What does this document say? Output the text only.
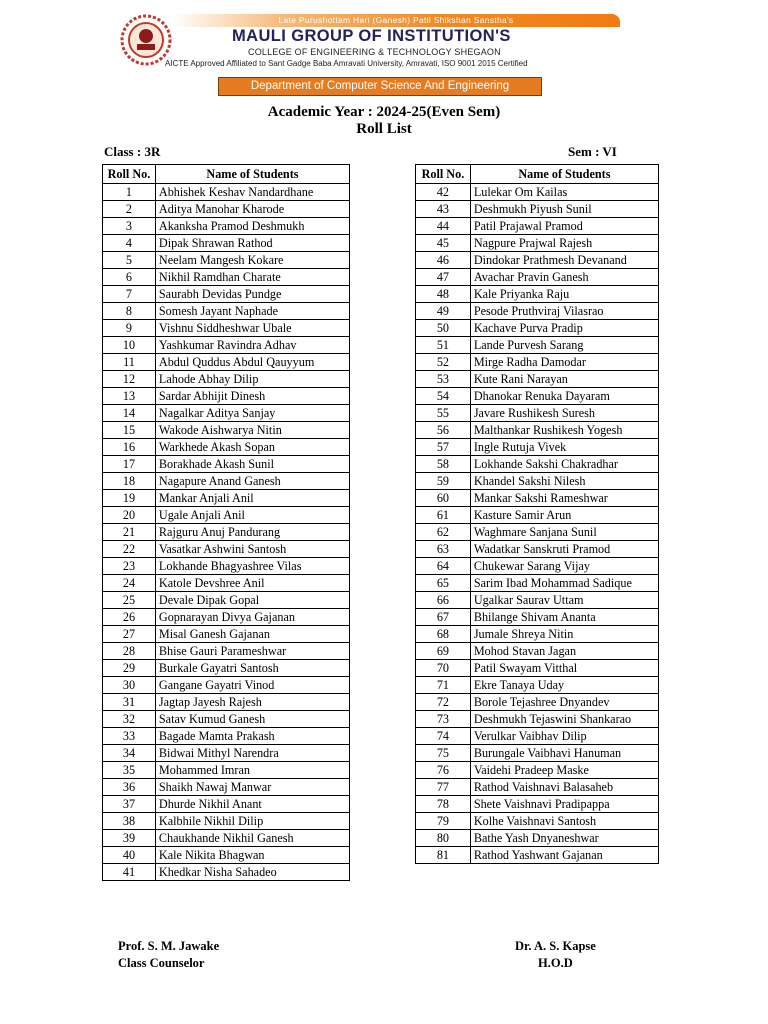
Late Purushottam Hari (Ganesh) Patil Shikshan Sanstha's
MAULI GROUP OF INSTITUTION'S
COLLEGE OF ENGINEERING & TECHNOLOGY SHEGAON
AICTE Approved Affiliated to Sant Gadge Baba Amravati University, Amravati, ISO 9001 2015 Certified
Department of Computer Science And Engineering
Academic Year : 2024-25(Even Sem)
Roll List
Class : 3R	Sem : VI
Roll No.	Name of Students
1	Abhishek Keshav Nandardhane
2	Aditya Manohar Kharode
3	Akanksha Pramod Deshmukh
4	Dipak Shrawan Rathod
5	Neelam Mangesh Kokare
6	Nikhil Ramdhan Charate
7	Saurabh Devidas Pundge
8	Somesh Jayant Naphade
9	Vishnu Siddheshwar Ubale
10	Yashkumar Ravindra Adhav
11	Abdul Quddus Abdul Qauyyum
12	Lahode Abhay Dilip
13	Sardar Abhijit Dinesh
14	Nagalkar Aditya Sanjay
15	Wakode Aishwarya Nitin
16	Warkhede Akash Sopan
17	Borakhade Akash Sunil
18	Nagapure Anand Ganesh
19	Mankar Anjali Anil
20	Ugale Anjali Anil
21	Rajguru Anuj Pandurang
22	Vasatkar Ashwini Santosh
23	Lokhande Bhagyashree Vilas
24	Katole Devshree Anil
25	Devale Dipak Gopal
26	Gopnarayan Divya Gajanan
27	Misal Ganesh Gajanan
28	Bhise Gauri Parameshwar
29	Burkale Gayatri Santosh
30	Gangane Gayatri Vinod
31	Jagtap Jayesh Rajesh
32	Satav Kumud Ganesh
33	Bagade Mamta Prakash
34	Bidwai Mithyl Narendra
35	Mohammed Imran
36	Shaikh Nawaj Manwar
37	Dhurde Nikhil Anant
38	Kalbhile Nikhil Dilip
39	Chaukhande Nikhil Ganesh
40	Kale Nikita Bhagwan
41	Khedkar Nisha Sahadeo
Roll No.	Name of Students
42	Lulekar Om Kailas
43	Deshmukh Piyush Sunil
44	Patil Prajawal Pramod
45	Nagpure Prajwal Rajesh
46	Dindokar Prathmesh Devanand
47	Avachar Pravin Ganesh
48	Kale Priyanka Raju
49	Pesode Pruthviraj Vilasrao
50	Kachave Purva Pradip
51	Lande Purvesh Sarang
52	Mirge Radha Damodar
53	Kute Rani Narayan
54	Dhanokar Renuka Dayaram
55	Javare Rushikesh Suresh
56	Malthankar Rushikesh Yogesh
57	Ingle Rutuja Vivek
58	Lokhande Sakshi Chakradhar
59	Khandel Sakshi Nilesh
60	Mankar Sakshi Rameshwar
61	Kasture Samir Arun
62	Waghmare Sanjana Sunil
63	Wadatkar Sanskruti Pramod
64	Chukewar Sarang Vijay
65	Sarim Ibad Mohammad Sadique
66	Ugalkar Saurav Uttam
67	Bhilange Shivam Ananta
68	Jumale Shreya Nitin
69	Mohod Stavan Jagan
70	Patil Swayam Vitthal
71	Ekre Tanaya Uday
72	Borole Tejashree Dnyandev
73	Deshmukh Tejaswini Shankarao
74	Verulkar Vaibhav Dilip
75	Burungale Vaibhavi Hanuman
76	Vaidehi Pradeep Maske
77	Rathod Vaishnavi Balasaheb
78	Shete Vaishnavi Pradipappa
79	Kolhe Vaishnavi Santosh
80	Bathe Yash Dnyaneshwar
81	Rathod Yashwant Gajanan
Prof. S. M. Jawake
Class Counselor
Dr. A. S. Kapse
H.O.D
